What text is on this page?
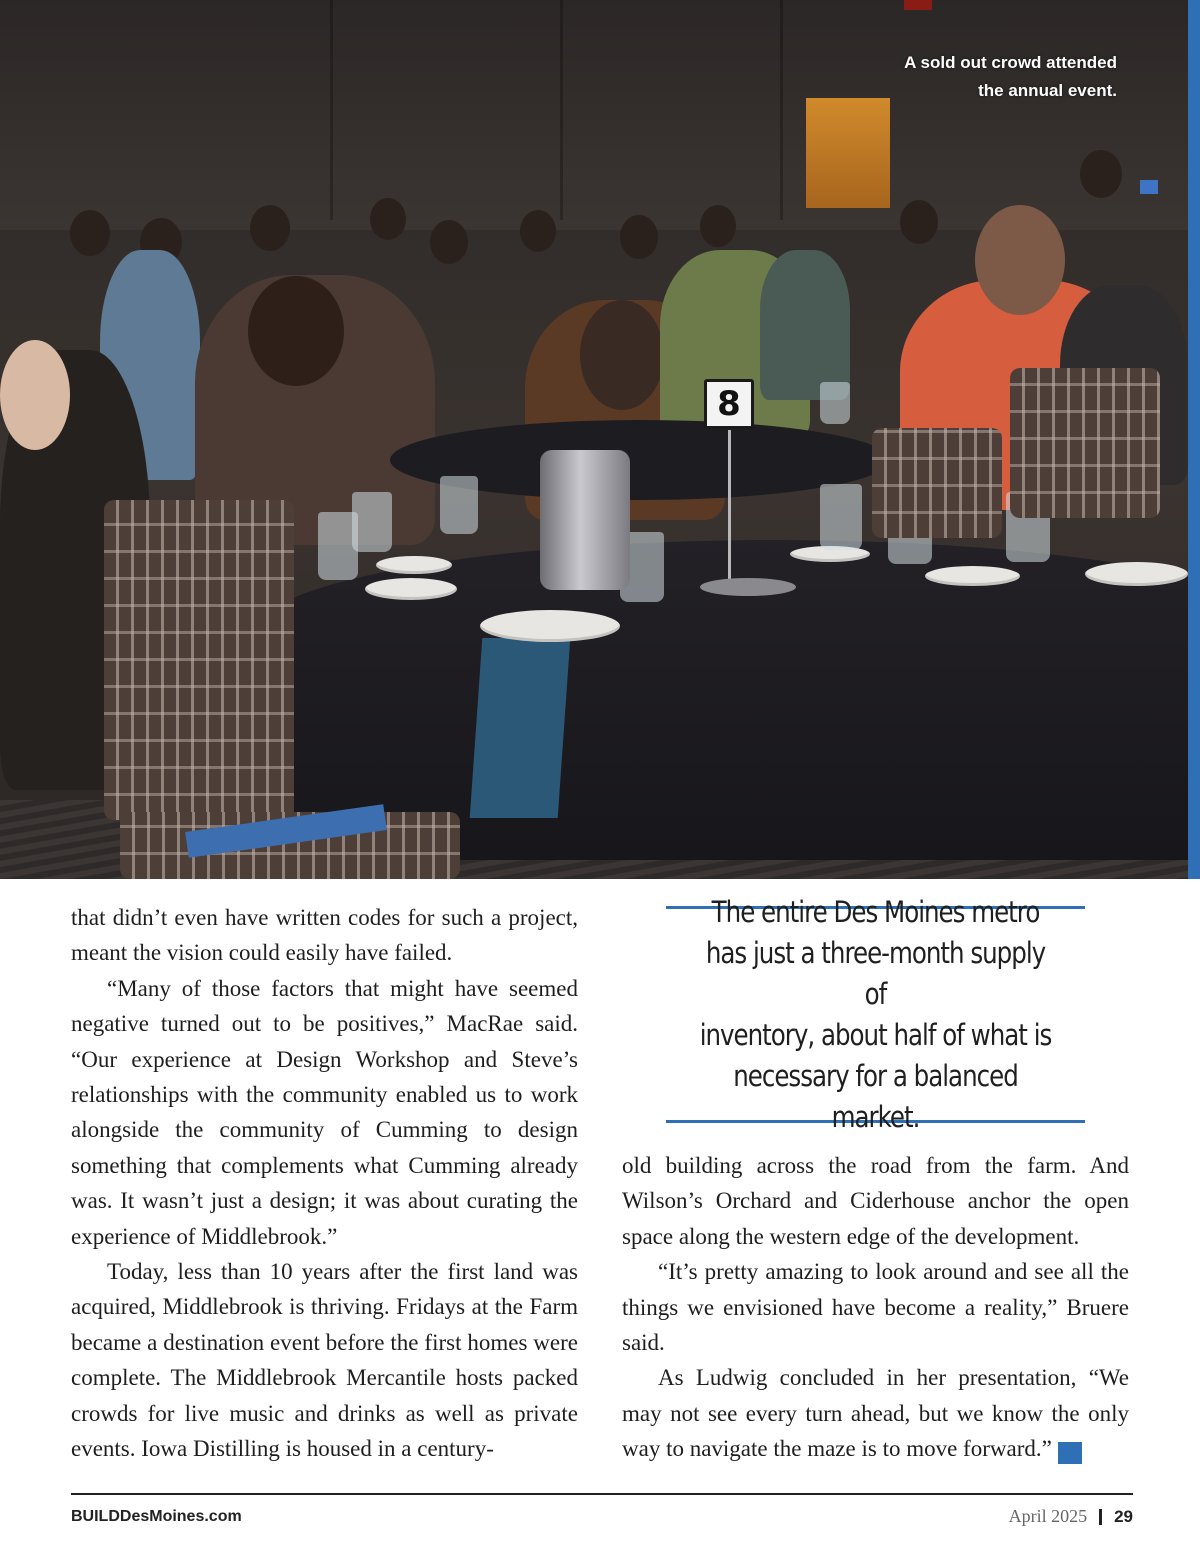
8
A sold out crowd attended
the annual event.

that didn’t even have written codes for such a project, meant the vision could easily have failed.

“Many of those factors that might have seemed negative turned out to be positives,” MacRae said. “Our experience at Design Workshop and Steve’s relationships with the community enabled us to work alongside the community of Cumming to design something that complements what Cumming already was. It wasn’t just a design; it was about curating the experience of Middlebrook.”

Today, less than 10 years after the first land was acquired, Middlebrook is thriving. Fridays at the Farm became a destination event before the first homes were complete. The Middlebrook Mercantile hosts packed crowds for live music and drinks as well as private events. Iowa Distilling is housed in a century-

The entire Des Moines metro
has just a three-month supply of
inventory, about half of what is
necessary for a balanced market.

old building across the road from the farm. And Wilson’s Orchard and Ciderhouse anchor the open space along the western edge of the development.

“It’s pretty amazing to look around and see all the things we envisioned have become a reality,” Bruere said.

As Ludwig concluded in her presentation, “We may not see every turn ahead, but we know the only way to navigate the maze is to move forward.”	B

BUILDDesMoines.com	April 2025 29
